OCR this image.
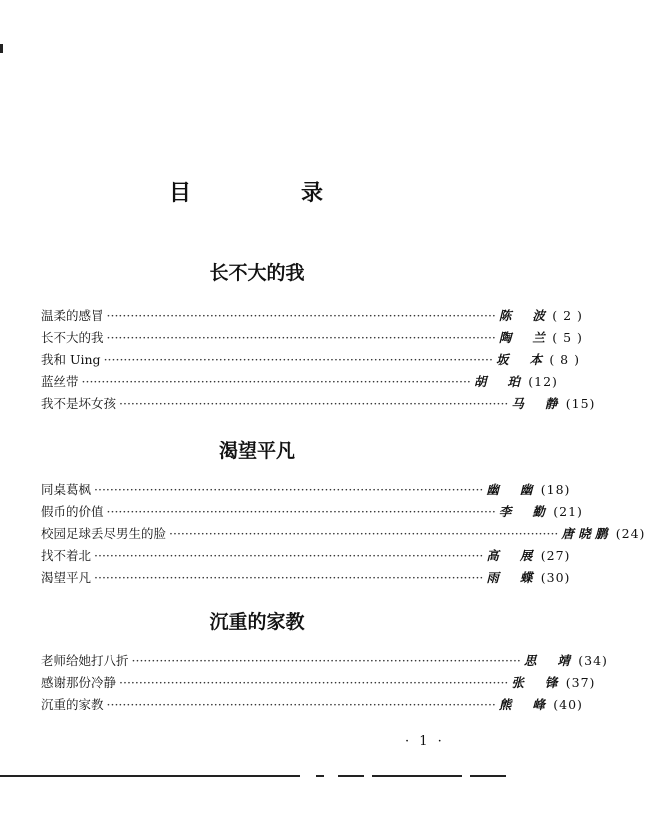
目　录
长不大的我
温柔的感冒 ·································································································· 陈　波 ( 2 )
长不大的我 ·································································································· 陶　兰 ( 5 )
我和 Uing ·································································································· 坂　本 ( 8 )
蓝丝带 ·································································································· 胡　珀 (12)
我不是坏女孩 ·································································································· 马　静 (15)
渴望平凡
同桌葛枫 ·································································································· 幽　幽 (18)
假币的价值 ·································································································· 李　勤 (21)
校园足球丢尽男生的脸 ·································································································· 唐晓鹏 (24)
找不着北 ·································································································· 高　展 (27)
渴望平凡 ·································································································· 雨　蝶 (30)
沉重的家教
老师给她打八折 ·································································································· 思　靖 (34)
感谢那份冷静 ·································································································· 张　锋 (37)
沉重的家教 ·································································································· 熊　峰 (40)
· 1 ·
